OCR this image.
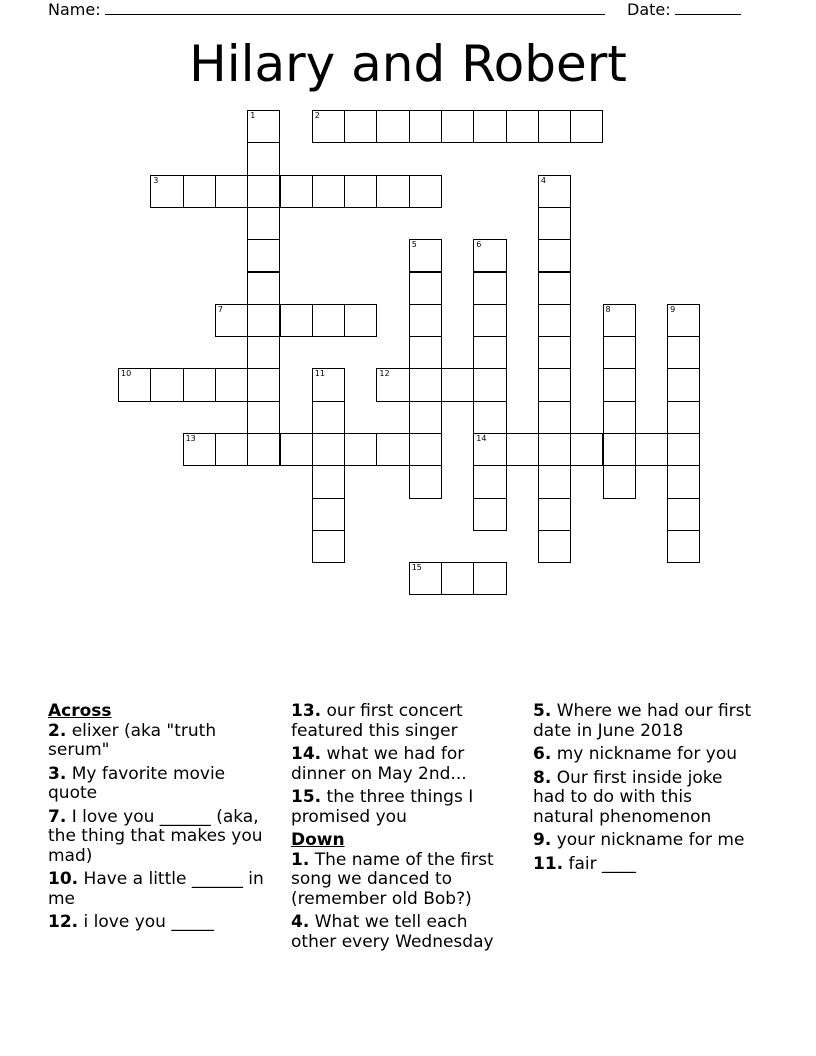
Name:	Date:
Hilary and Robert
1	2
3	4
5	6
14
7	8	9
10	11	12
13
15

Across

2. elixer (aka "truth serum"

3. My favorite movie quote

7. I love you ______ (aka, the thing that makes you mad)

10. Have a little ______ in me

12. i love you _____

13. our first concert featured this singer

14. what we had for dinner on May 2nd...

15. the three things I promised you

Down

1. The name of the first song we danced to (remember old Bob?)

4. What we tell each other every Wednesday

5. Where we had our first date in June 2018

6. my nickname for you

8. Our first inside joke had to do with this natural phenomenon

9. your nickname for me

11. fair ____
